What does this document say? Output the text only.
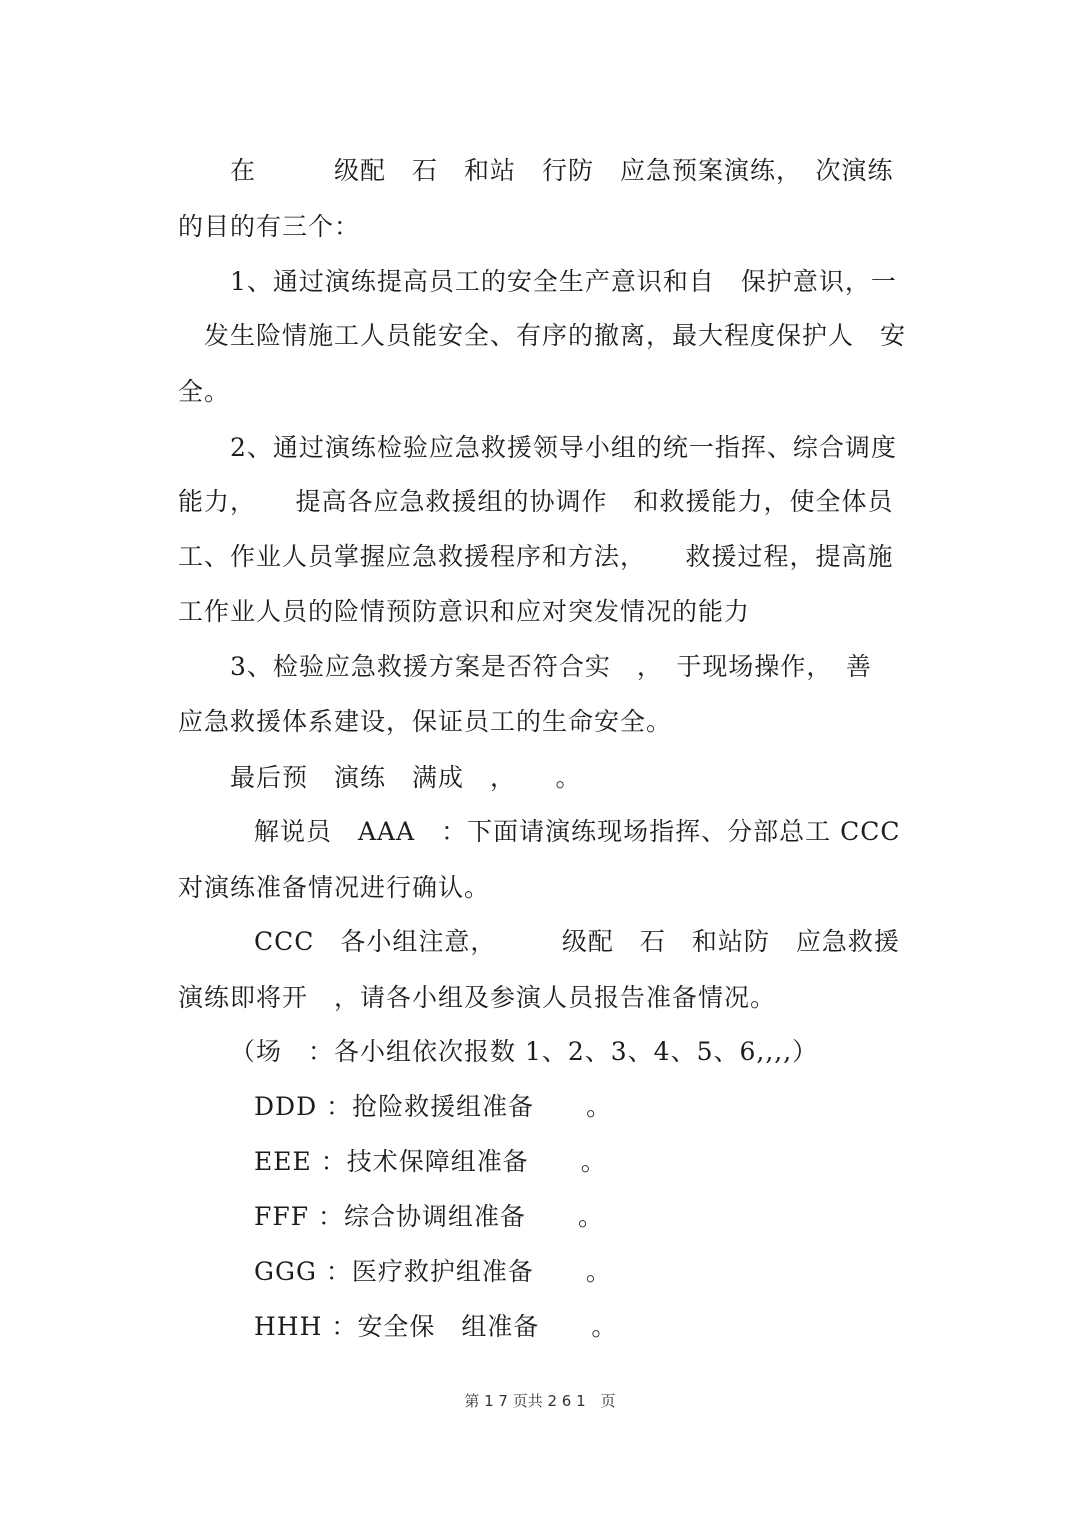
在　　　级配　石　和站　行防　应急预案演练，　次演练
的目的有三个：
1、通过演练提高员工的安全生产意识和自　保护意识，一
　发生险情施工人员能安全、有序的撤离，最大程度保护人　安
全。
2、通过演练检验应急救援领导小组的统一指挥、综合调度
能力，　　提高各应急救援组的协调作　和救援能力，使全体员
工、作业人员掌握应急救援程序和方法，　　救援过程，提高施
工作业人员的险情预防意识和应对突发情况的能力
3、检验应急救援方案是否符合实　，　于现场操作，　善
应急救援体系建设，保证员工的生命安全。
最后预　演练　满成　，　　。
解说员　AAA　：下面请演练现场指挥、分部总工 CCC
对演练准备情况进行确认。
CCC　各小组注意，　　　级配　石　和站防　应急救援
演练即将开　，请各小组及参演人员报告准备情况。
（场　：各小组依次报数 1、2、3、4、5、6,,,,）
DDD ：抢险救援组准备　　。
EEE ：技术保障组准备　　。
FFF ：综合协调组准备　　。
GGG ：医疗救护组准备　　。
HHH ：安全保　组准备　　。
第 1 7 页共 2 6 1　页
